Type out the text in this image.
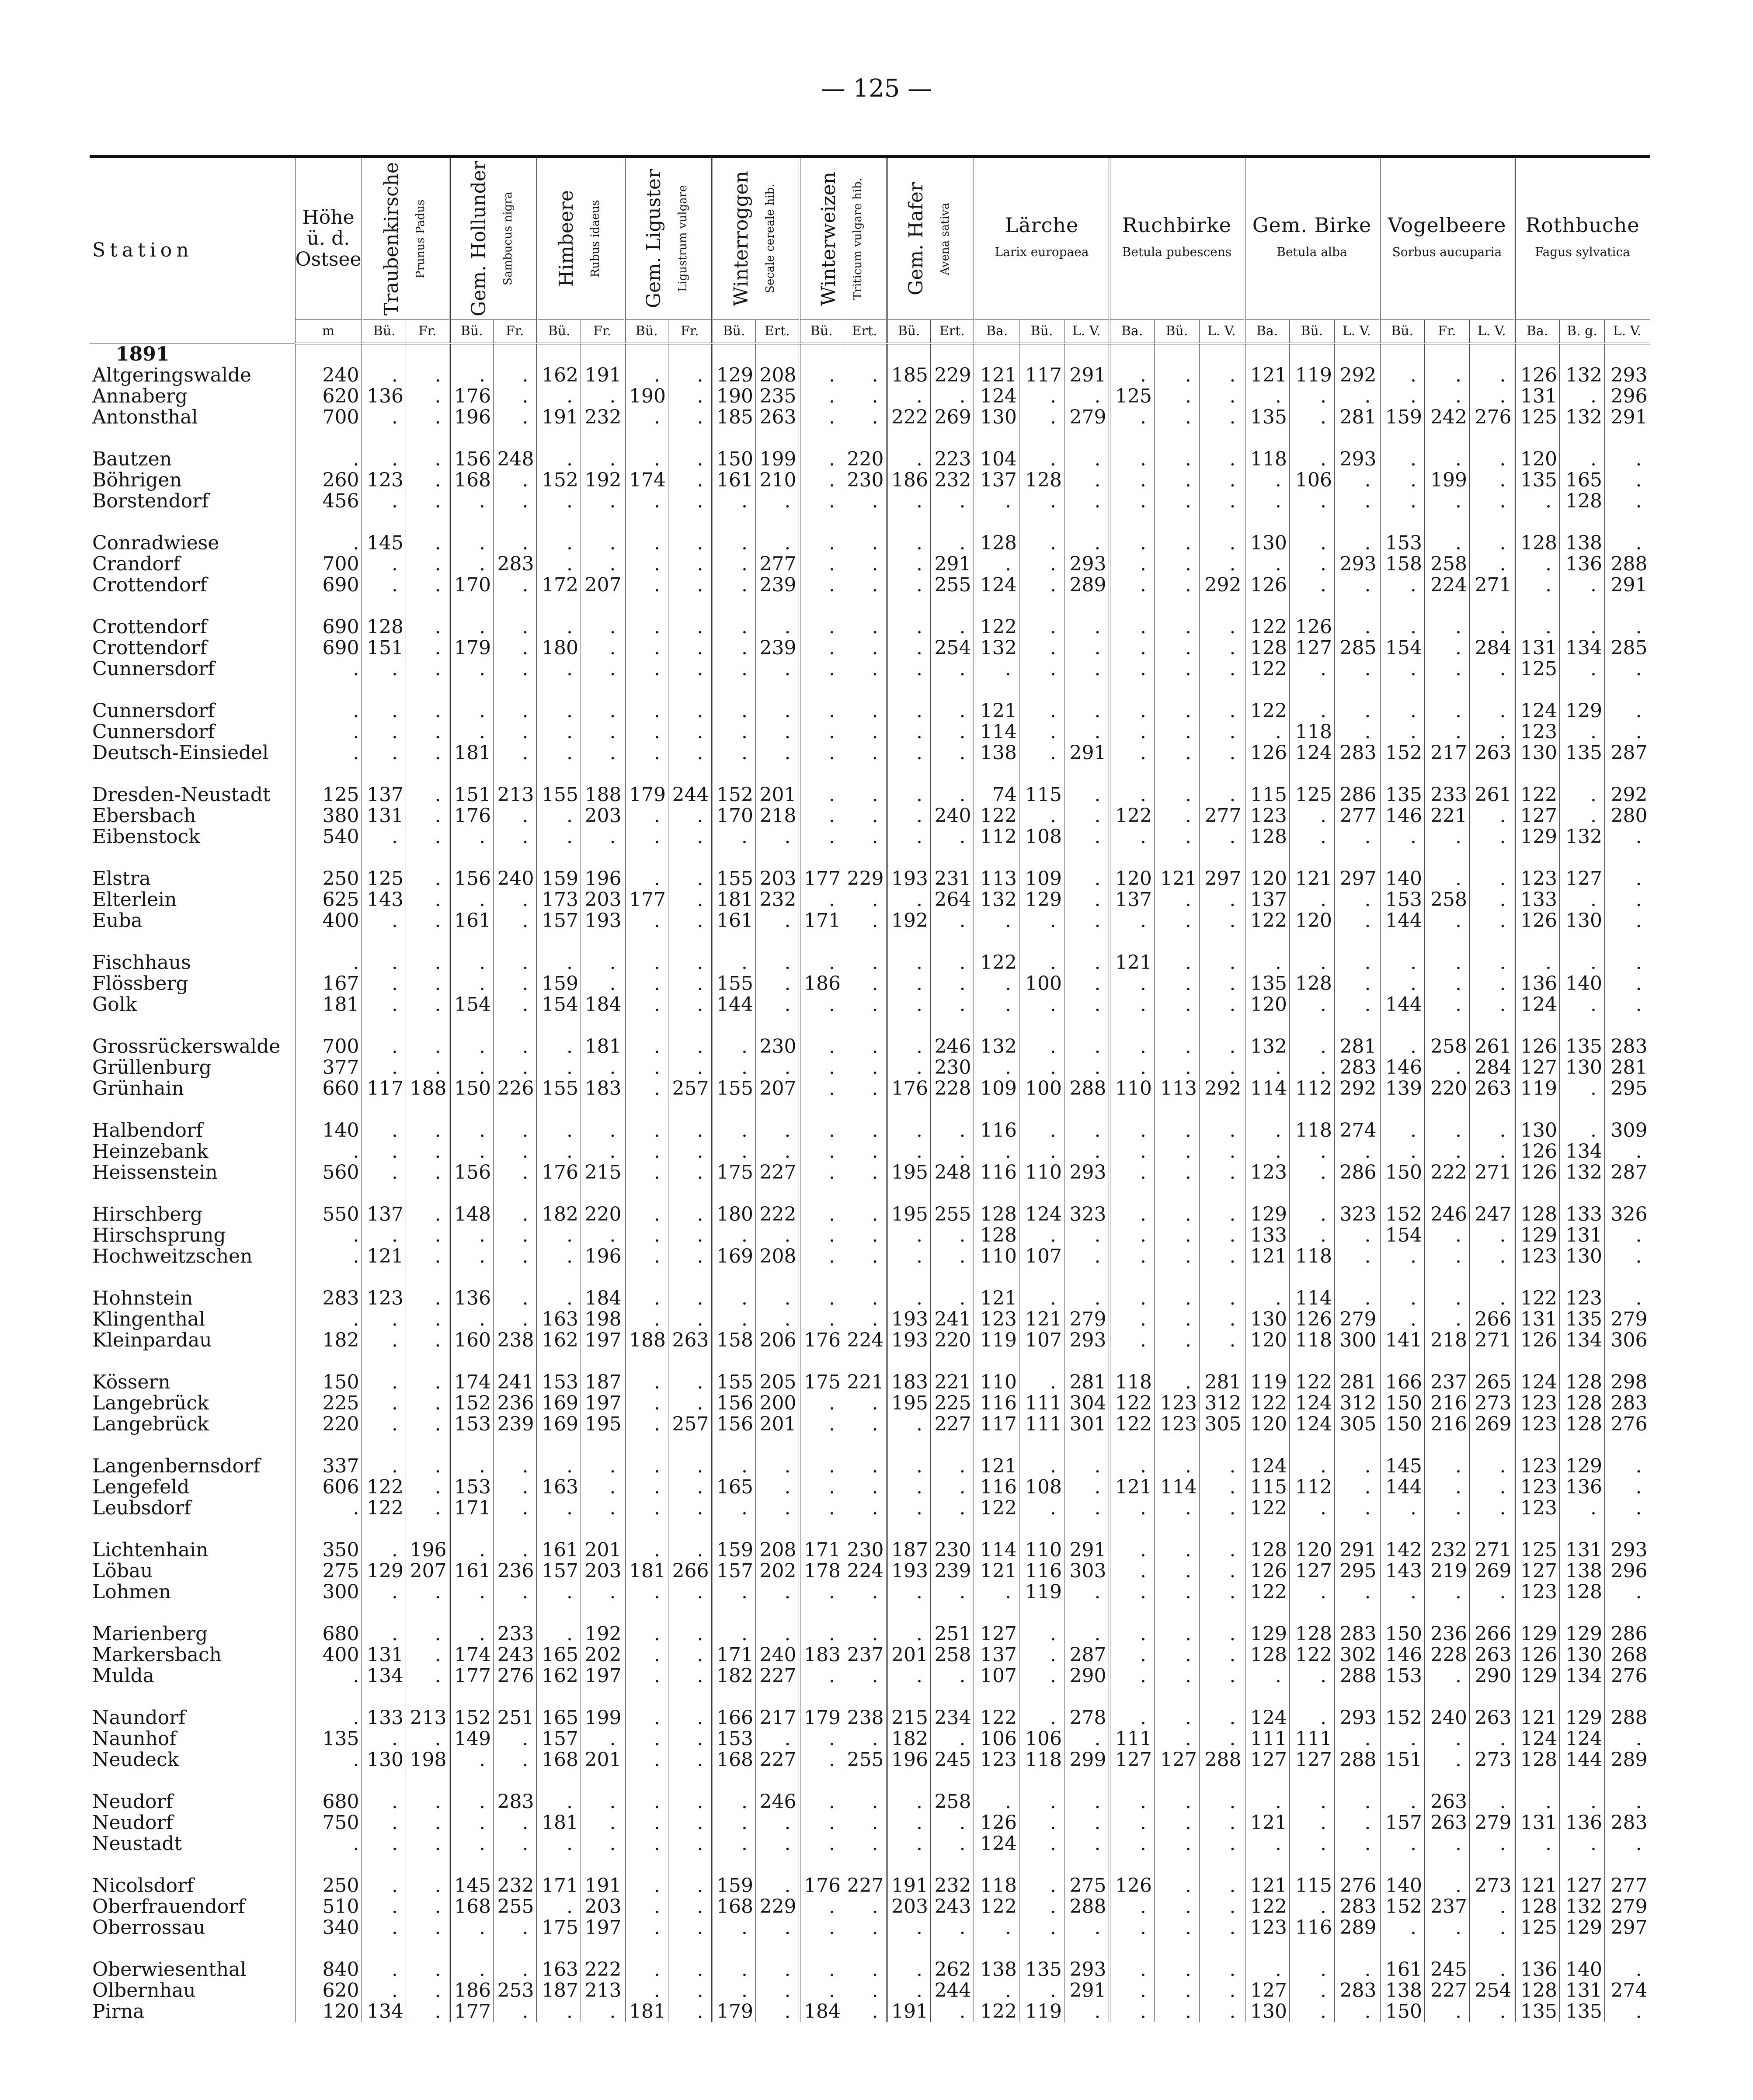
— 125 —
Station	Höhe
ü. d.
Ostsee	Traubenkirsche Prunus Padus		Gem. Hollunder Sambucus nigra		Himbeere Rubus idaeus		Gem. Liguster Ligustrum vulgare		Winterroggen Secale cereale hib.		Winterweizen Triticum vulgare hib.		Gem. Hafer Avena sativa		Lärche
Larix europaea			Ruchbirke
Betula pubescens			Gem. Birke
Betula alba			Vogelbeere
Sorbus aucuparia			Rothbuche
Fagus sylvatica		

	m	Bü.	Fr.	Bü.	Fr.	Bü.	Fr.	Bü.	Fr.	Bü.	Ert.	Bü.	Ert.	Bü.	Ert.	Ba.	Bü.	L. V.	Ba.	Bü.	L. V.	Ba.	Bü.	L. V.	Bü.	Fr.	L. V.	Ba.	B. g.	L. V.
1891																														
Altgeringswalde	240	.	.	.	.	162	191	.	.	129	208	.	.	185	229	121	117	291	.	.	.	121	119	292	.	.	.	126	132	293
Annaberg	620	136	.	176	.	.	.	190	.	190	235	.	.	.	.	124	.	.	125	.	.	.	.	.	.	.	.	131	.	296
Antonsthal	700	.	.	196	.	191	232	.	.	185	263	.	.	222	269	130	.	279	.	.	.	135	.	281	159	242	276	125	132	291

Bautzen	.	.	.	156	248	.	.	.	.	150	199	.	220	.	223	104	.	.	.	.	.	118	.	293	.	.	.	120	.	.
Böhrigen	260	123	.	168	.	152	192	174	.	161	210	.	230	186	232	137	128	.	.	.	.	.	106	.	.	199	.	135	165	.
Borstendorf	456	.	.	.	.	.	.	.	.	.	.	.	.	.	.	.	.	.	.	.	.	.	.	.	.	.	.	.	128	.

Conradwiese	.	145	.	.	.	.	.	.	.	.	.	.	.	.	.	128	.	.	.	.	.	130	.	.	153	.	.	128	138	.
Crandorf	700	.	.	.	283	.	.	.	.	.	277	.	.	.	291	.	.	293	.	.	.	.	.	293	158	258	.	.	136	288
Crottendorf	690	.	.	170	.	172	207	.	.	.	239	.	.	.	255	124	.	289	.	.	292	126	.	.	.	224	271	.	.	291

Crottendorf	690	128	.	.	.	.	.	.	.	.	.	.	.	.	.	122	.	.	.	.	.	122	126	.	.	.	.	.	.	.
Crottendorf	690	151	.	179	.	180	.	.	.	.	239	.	.	.	254	132	.	.	.	.	.	128	127	285	154	.	284	131	134	285
Cunnersdorf	.	.	.	.	.	.	.	.	.	.	.	.	.	.	.	.	.	.	.	.	.	122	.	.	.	.	.	125	.	.

Cunnersdorf	.	.	.	.	.	.	.	.	.	.	.	.	.	.	.	121	.	.	.	.	.	122	.	.	.	.	.	124	129	.
Cunnersdorf	.	.	.	.	.	.	.	.	.	.	.	.	.	.	.	114	.	.	.	.	.	.	118	.	.	.	.	123	.	.
Deutsch-Einsiedel	.	.	.	181	.	.	.	.	.	.	.	.	.	.	.	138	.	291	.	.	.	126	124	283	152	217	263	130	135	287

Dresden-Neustadt	125	137	.	151	213	155	188	179	244	152	201	.	.	.	.	74	115	.	.	.	.	115	125	286	135	233	261	122	.	292
Ebersbach	380	131	.	176	.	.	203	.	.	170	218	.	.	.	240	122	.	.	122	.	277	123	.	277	146	221	.	127	.	280
Eibenstock	540	.	.	.	.	.	.	.	.	.	.	.	.	.	.	112	108	.	.	.	.	128	.	.	.	.	.	129	132	.

Elstra	250	125	.	156	240	159	196	.	.	155	203	177	229	193	231	113	109	.	120	121	297	120	121	297	140	.	.	123	127	.
Elterlein	625	143	.	.	.	173	203	177	.	181	232	.	.	.	264	132	129	.	137	.	.	137	.	.	153	258	.	133	.	.
Euba	400	.	.	161	.	157	193	.	.	161	.	171	.	192	.	.	.	.	.	.	.	122	120	.	144	.	.	126	130	.

Fischhaus	.	.	.	.	.	.	.	.	.	.	.	.	.	.	.	122	.	.	121	.	.	.	.	.	.	.	.	.	.	.
Flössberg	167	.	.	.	.	159	.	.	.	155	.	186	.	.	.	.	100	.	.	.	.	135	128	.	.	.	.	136	140	.
Golk	181	.	.	154	.	154	184	.	.	144	.	.	.	.	.	.	.	.	.	.	.	120	.	.	144	.	.	124	.	.

Grossrückerswalde	700	.	.	.	.	.	181	.	.	.	230	.	.	.	246	132	.	.	.	.	.	132	.	281	.	258	261	126	135	283
Grüllenburg	377	.	.	.	.	.	.	.	.	.	.	.	.	.	230	.	.	.	.	.	.	.	.	283	146	.	284	127	130	281
Grünhain	660	117	188	150	226	155	183	.	257	155	207	.	.	176	228	109	100	288	110	113	292	114	112	292	139	220	263	119	.	295

Halbendorf	140	.	.	.	.	.	.	.	.	.	.	.	.	.	.	116	.	.	.	.	.	.	118	274	.	.	.	130	.	309
Heinzebank	.	.	.	.	.	.	.	.	.	.	.	.	.	.	.	.	.	.	.	.	.	.	.	.	.	.	.	126	134	.
Heissenstein	560	.	.	156	.	176	215	.	.	175	227	.	.	195	248	116	110	293	.	.	.	123	.	286	150	222	271	126	132	287

Hirschberg	550	137	.	148	.	182	220	.	.	180	222	.	.	195	255	128	124	323	.	.	.	129	.	323	152	246	247	128	133	326
Hirschsprung	.	.	.	.	.	.	.	.	.	.	.	.	.	.	.	128	.	.	.	.	.	133	.	.	154	.	.	129	131	.
Hochweitzschen	.	121	.	.	.	.	196	.	.	169	208	.	.	.	.	110	107	.	.	.	.	121	118	.	.	.	.	123	130	.

Hohnstein	283	123	.	136	.	.	184	.	.	.	.	.	.	.	.	121	.	.	.	.	.	.	114	.	.	.	.	122	123	.
Klingenthal	.	.	.	.	.	163	198	.	.	.	.	.	.	193	241	123	121	279	.	.	.	130	126	279	.	.	266	131	135	279
Kleinpardau	182	.	.	160	238	162	197	188	263	158	206	176	224	193	220	119	107	293	.	.	.	120	118	300	141	218	271	126	134	306

Kössern	150	.	.	174	241	153	187	.	.	155	205	175	221	183	221	110	.	281	118	.	281	119	122	281	166	237	265	124	128	298
Langebrück	225	.	.	152	236	169	197	.	.	156	200	.	.	195	225	116	111	304	122	123	312	122	124	312	150	216	273	123	128	283
Langebrück	220	.	.	153	239	169	195	.	257	156	201	.	.	.	227	117	111	301	122	123	305	120	124	305	150	216	269	123	128	276

Langenbernsdorf	337	.	.	.	.	.	.	.	.	.	.	.	.	.	.	121	.	.	.	.	.	124	.	.	145	.	.	123	129	.
Lengefeld	606	122	.	153	.	163	.	.	.	165	.	.	.	.	.	116	108	.	121	114	.	115	112	.	144	.	.	123	136	.
Leubsdorf	.	122	.	171	.	.	.	.	.	.	.	.	.	.	.	122	.	.	.	.	.	122	.	.	.	.	.	123	.	.

Lichtenhain	350	.	196	.	.	161	201	.	.	159	208	171	230	187	230	114	110	291	.	.	.	128	120	291	142	232	271	125	131	293
Löbau	275	129	207	161	236	157	203	181	266	157	202	178	224	193	239	121	116	303	.	.	.	126	127	295	143	219	269	127	138	296
Lohmen	300	.	.	.	.	.	.	.	.	.	.	.	.	.	.	.	119	.	.	.	.	122	.	.	.	.	.	123	128	.

Marienberg	680	.	.	.	233	.	192	.	.	.	.	.	.	.	251	127	.	.	.	.	.	129	128	283	150	236	266	129	129	286
Markersbach	400	131	.	174	243	165	202	.	.	171	240	183	237	201	258	137	.	287	.	.	.	128	122	302	146	228	263	126	130	268
Mulda	.	134	.	177	276	162	197	.	.	182	227	.	.	.	.	107	.	290	.	.	.	.	.	288	153	.	290	129	134	276

Naundorf	.	133	213	152	251	165	199	.	.	166	217	179	238	215	234	122	.	278	.	.	.	124	.	293	152	240	263	121	129	288
Naunhof	135	.	.	149	.	157	.	.	.	153	.	.	.	182	.	106	106	.	111	.	.	111	111	.	.	.	.	124	124	.
Neudeck	.	130	198	.	.	168	201	.	.	168	227	.	255	196	245	123	118	299	127	127	288	127	127	288	151	.	273	128	144	289

Neudorf	680	.	.	.	283	.	.	.	.	.	246	.	.	.	258	.	.	.	.	.	.	.	.	.	.	263	.	.	.	.
Neudorf	750	.	.	.	.	181	.	.	.	.	.	.	.	.	.	126	.	.	.	.	.	121	.	.	157	263	279	131	136	283
Neustadt	.	.	.	.	.	.	.	.	.	.	.	.	.	.	.	124	.	.	.	.	.	.	.	.	.	.	.	.	.	.

Nicolsdorf	250	.	.	145	232	171	191	.	.	159	.	176	227	191	232	118	.	275	126	.	.	121	115	276	140	.	273	121	127	277
Oberfrauendorf	510	.	.	168	255	.	203	.	.	168	229	.	.	203	243	122	.	288	.	.	.	122	.	283	152	237	.	128	132	279
Oberrossau	340	.	.	.	.	175	197	.	.	.	.	.	.	.	.	.	.	.	.	.	.	123	116	289	.	.	.	125	129	297

Oberwiesenthal	840	.	.	.	.	163	222	.	.	.	.	.	.	.	262	138	135	293	.	.	.	.	.	.	161	245	.	136	140	.
Olbernhau	620	.	.	186	253	187	213	.	.	.	.	.	.	.	244	.	.	291	.	.	.	127	.	283	138	227	254	128	131	274
Pirna	120	134	.	177	.	.	.	181	.	179	.	184	.	191	.	122	119	.	.	.	.	130	.	.	150	.	.	135	135	.
